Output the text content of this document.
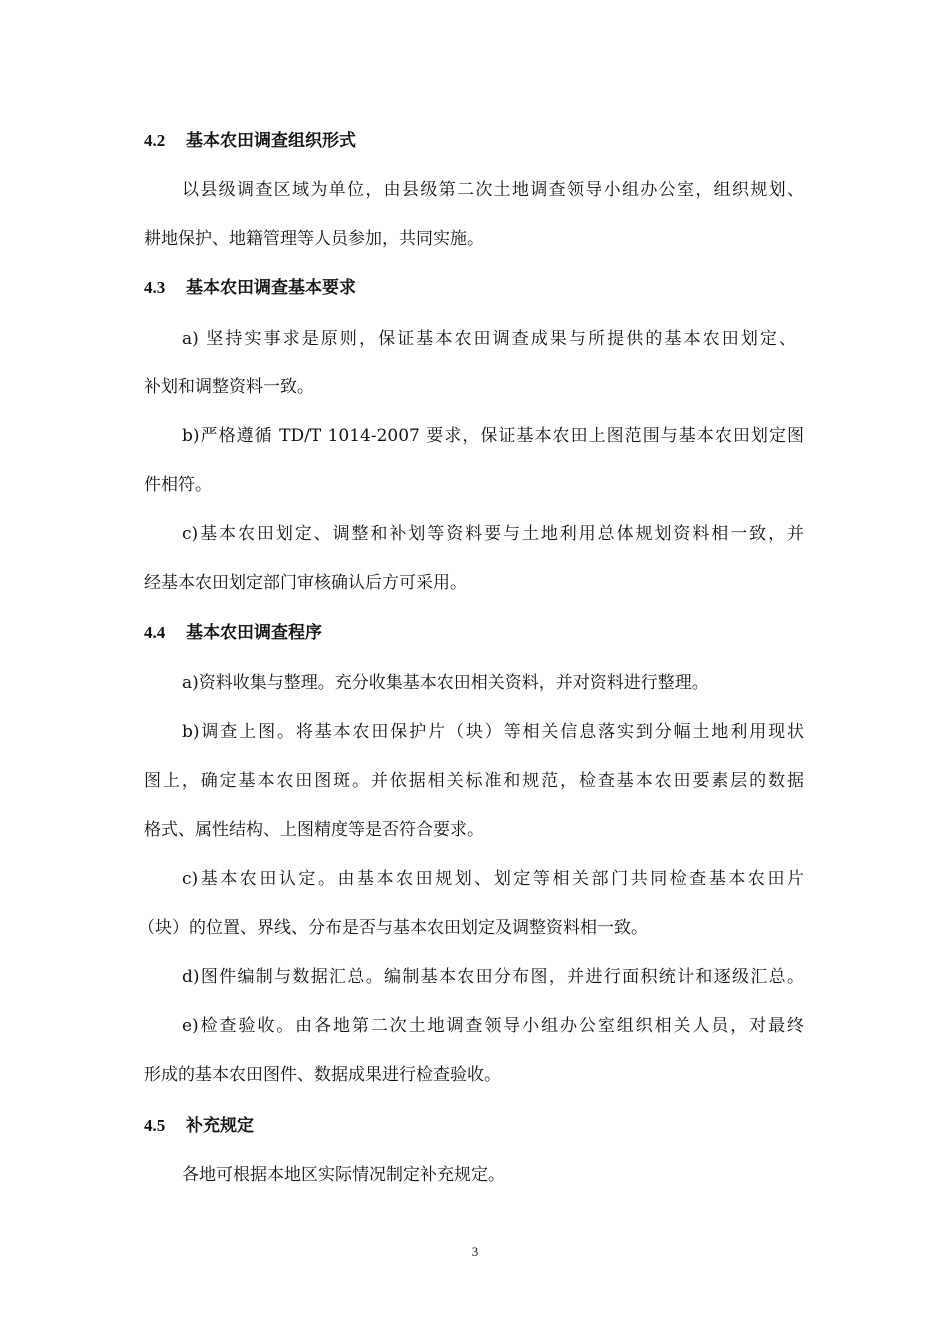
4.2 基本农田调查组织形式
以县级调查区域为单位，由县级第二次土地调查领导小组办公室，组织规划、
耕地保护、地籍管理等人员参加，共同实施。
4.3 基本农田调查基本要求
a) 坚持实事求是原则，保证基本农田调查成果与所提供的基本农田划定、
补划和调整资料一致。
b)严格遵循 TD/T 1014-2007 要求，保证基本农田上图范围与基本农田划定图
件相符。
c)基本农田划定、调整和补划等资料要与土地利用总体规划资料相一致，并
经基本农田划定部门审核确认后方可采用。
4.4 基本农田调查程序
a)资料收集与整理。充分收集基本农田相关资料，并对资料进行整理。
b)调查上图。将基本农田保护片（块）等相关信息落实到分幅土地利用现状
图上，确定基本农田图斑。并依据相关标准和规范，检查基本农田要素层的数据
格式、属性结构、上图精度等是否符合要求。
c)基本农田认定。由基本农田规划、划定等相关部门共同检查基本农田片
（块）的位置、界线、分布是否与基本农田划定及调整资料相一致。
d)图件编制与数据汇总。编制基本农田分布图，并进行面积统计和逐级汇总。
e)检查验收。由各地第二次土地调查领导小组办公室组织相关人员，对最终
形成的基本农田图件、数据成果进行检查验收。
4.5 补充规定
各地可根据本地区实际情况制定补充规定。
3
